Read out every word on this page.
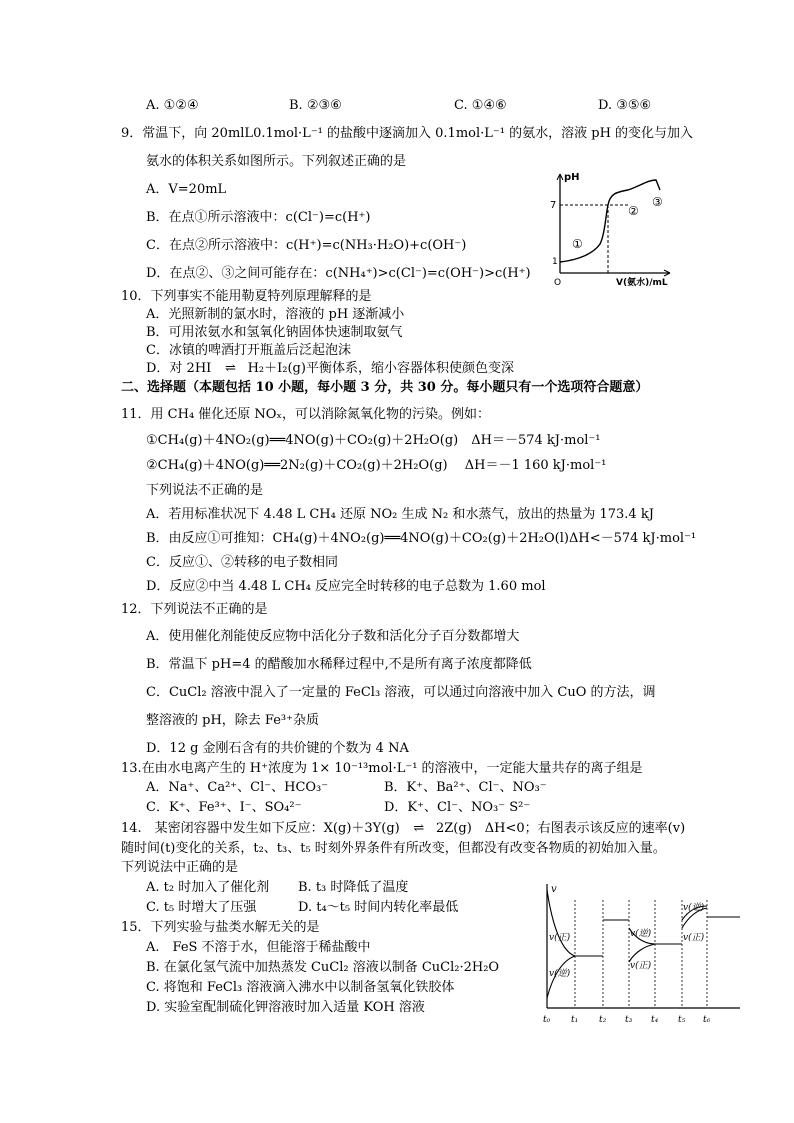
A. ①②④	B. ②③⑥	C. ①④⑥	D. ③⑤⑥
9．常温下，向 20mlL0.1mol·L⁻¹ 的盐酸中逐滴加入 0.1mol·L⁻¹ 的氨水，溶液 pH 的变化与加入
氨水的体积关系如图所示。下列叙述正确的是
A．V=20mL
B．在点①所示溶液中：c(Cl⁻)=c(H⁺)
C．在点②所示溶液中：c(H⁺)=c(NH₃·H₂O)+c(OH⁻)
D．在点②、③之间可能存在：c(NH₄⁺)>c(Cl⁻)=c(OH⁻)>c(H⁺)
pH
7
1
O	V(氨水)/mL
①
②
③
10．下列事实不能用勒夏特列原理解释的是
A．光照新制的氯水时，溶液的 pH 逐渐减小
B．可用浓氨水和氢氧化钠固体快速制取氨气
C．冰镇的啤酒打开瓶盖后泛起泡沫
D．对 2HI ⇌ H₂＋I₂(g)平衡体系，缩小容器体积使颜色变深
二、选择题（本题包括 10 小题，每小题 3 分，共 30 分。每小题只有一个选项符合题意）
11．用 CH₄ 催化还原 NOₓ，可以消除氮氧化物的污染。例如：
①CH₄(g)＋4NO₂(g)══4NO(g)＋CO₂(g)＋2H₂O(g)　ΔH＝－574 kJ·mol⁻¹
②CH₄(g)＋4NO(g)══2N₂(g)＋CO₂(g)＋2H₂O(g)　 ΔH＝－1 160 kJ·mol⁻¹
下列说法不正确的是
A．若用标准状况下 4.48 L CH₄ 还原 NO₂ 生成 N₂ 和水蒸气，放出的热量为 173.4 kJ
B．由反应①可推知：CH₄(g)＋4NO₂(g)══4NO(g)＋CO₂(g)＋2H₂O(l)ΔH<－574 kJ·mol⁻¹
C．反应①、②转移的电子数相同
D．反应②中当 4.48 L CH₄ 反应完全时转移的电子总数为 1.60 mol
12．下列说法不正确的是
A．使用催化剂能使反应物中活化分子数和活化分子百分数都增大
B．常温下 pH=4 的醋酸加水稀释过程中,不是所有离子浓度都降低
C．CuCl₂ 溶液中混入了一定量的 FeCl₃ 溶液，可以通过向溶液中加入 CuO 的方法，调
整溶液的 pH，除去 Fe³⁺杂质
D．12 g 金刚石含有的共价键的个数为 4 NA
13.在由水电离产生的 H⁺浓度为 1× 10⁻¹³mol·L⁻¹ 的溶液中，一定能大量共存的离子组是
A．Na⁺、Ca²⁺、Cl⁻、HCO₃⁻	B．K⁺、Ba²⁺、Cl⁻、NO₃⁻
C．K⁺、Fe³⁺、I⁻、SO₄²⁻	D．K⁺、Cl⁻、NO₃⁻ S²⁻
14.　某密闭容器中发生如下反应：X(g)＋3Y(g) ⇌ 2Z(g)　ΔH<0；右图表示该反应的速率(v)
随时间(t)变化的关系，t₂、t₃、t₅ 时刻外界条件有所改变，但都没有改变各物质的初始加入量。
下列说法中正确的是
A. t₂ 时加入了催化剂 B. t₃ 时降低了温度
C. t₅ 时增大了压强	D. t₄～t₅ 时间内转化率最低
v
v(正)
v(逆)
v(逆)
v(正)
v(逆)
v(正)
t₀ t₁ t₂ t₃ t₄ t₅ t₆
15．下列实验与盐类水解无关的是
A.　FeS 不溶于水，但能溶于稀盐酸中
B. 在氯化氢气流中加热蒸发 CuCl₂ 溶液以制备 CuCl₂·2H₂O
C. 将饱和 FeCl₃ 溶液滴入沸水中以制备氢氧化铁胶体
D. 实验室配制硫化钾溶液时加入适量 KOH 溶液
